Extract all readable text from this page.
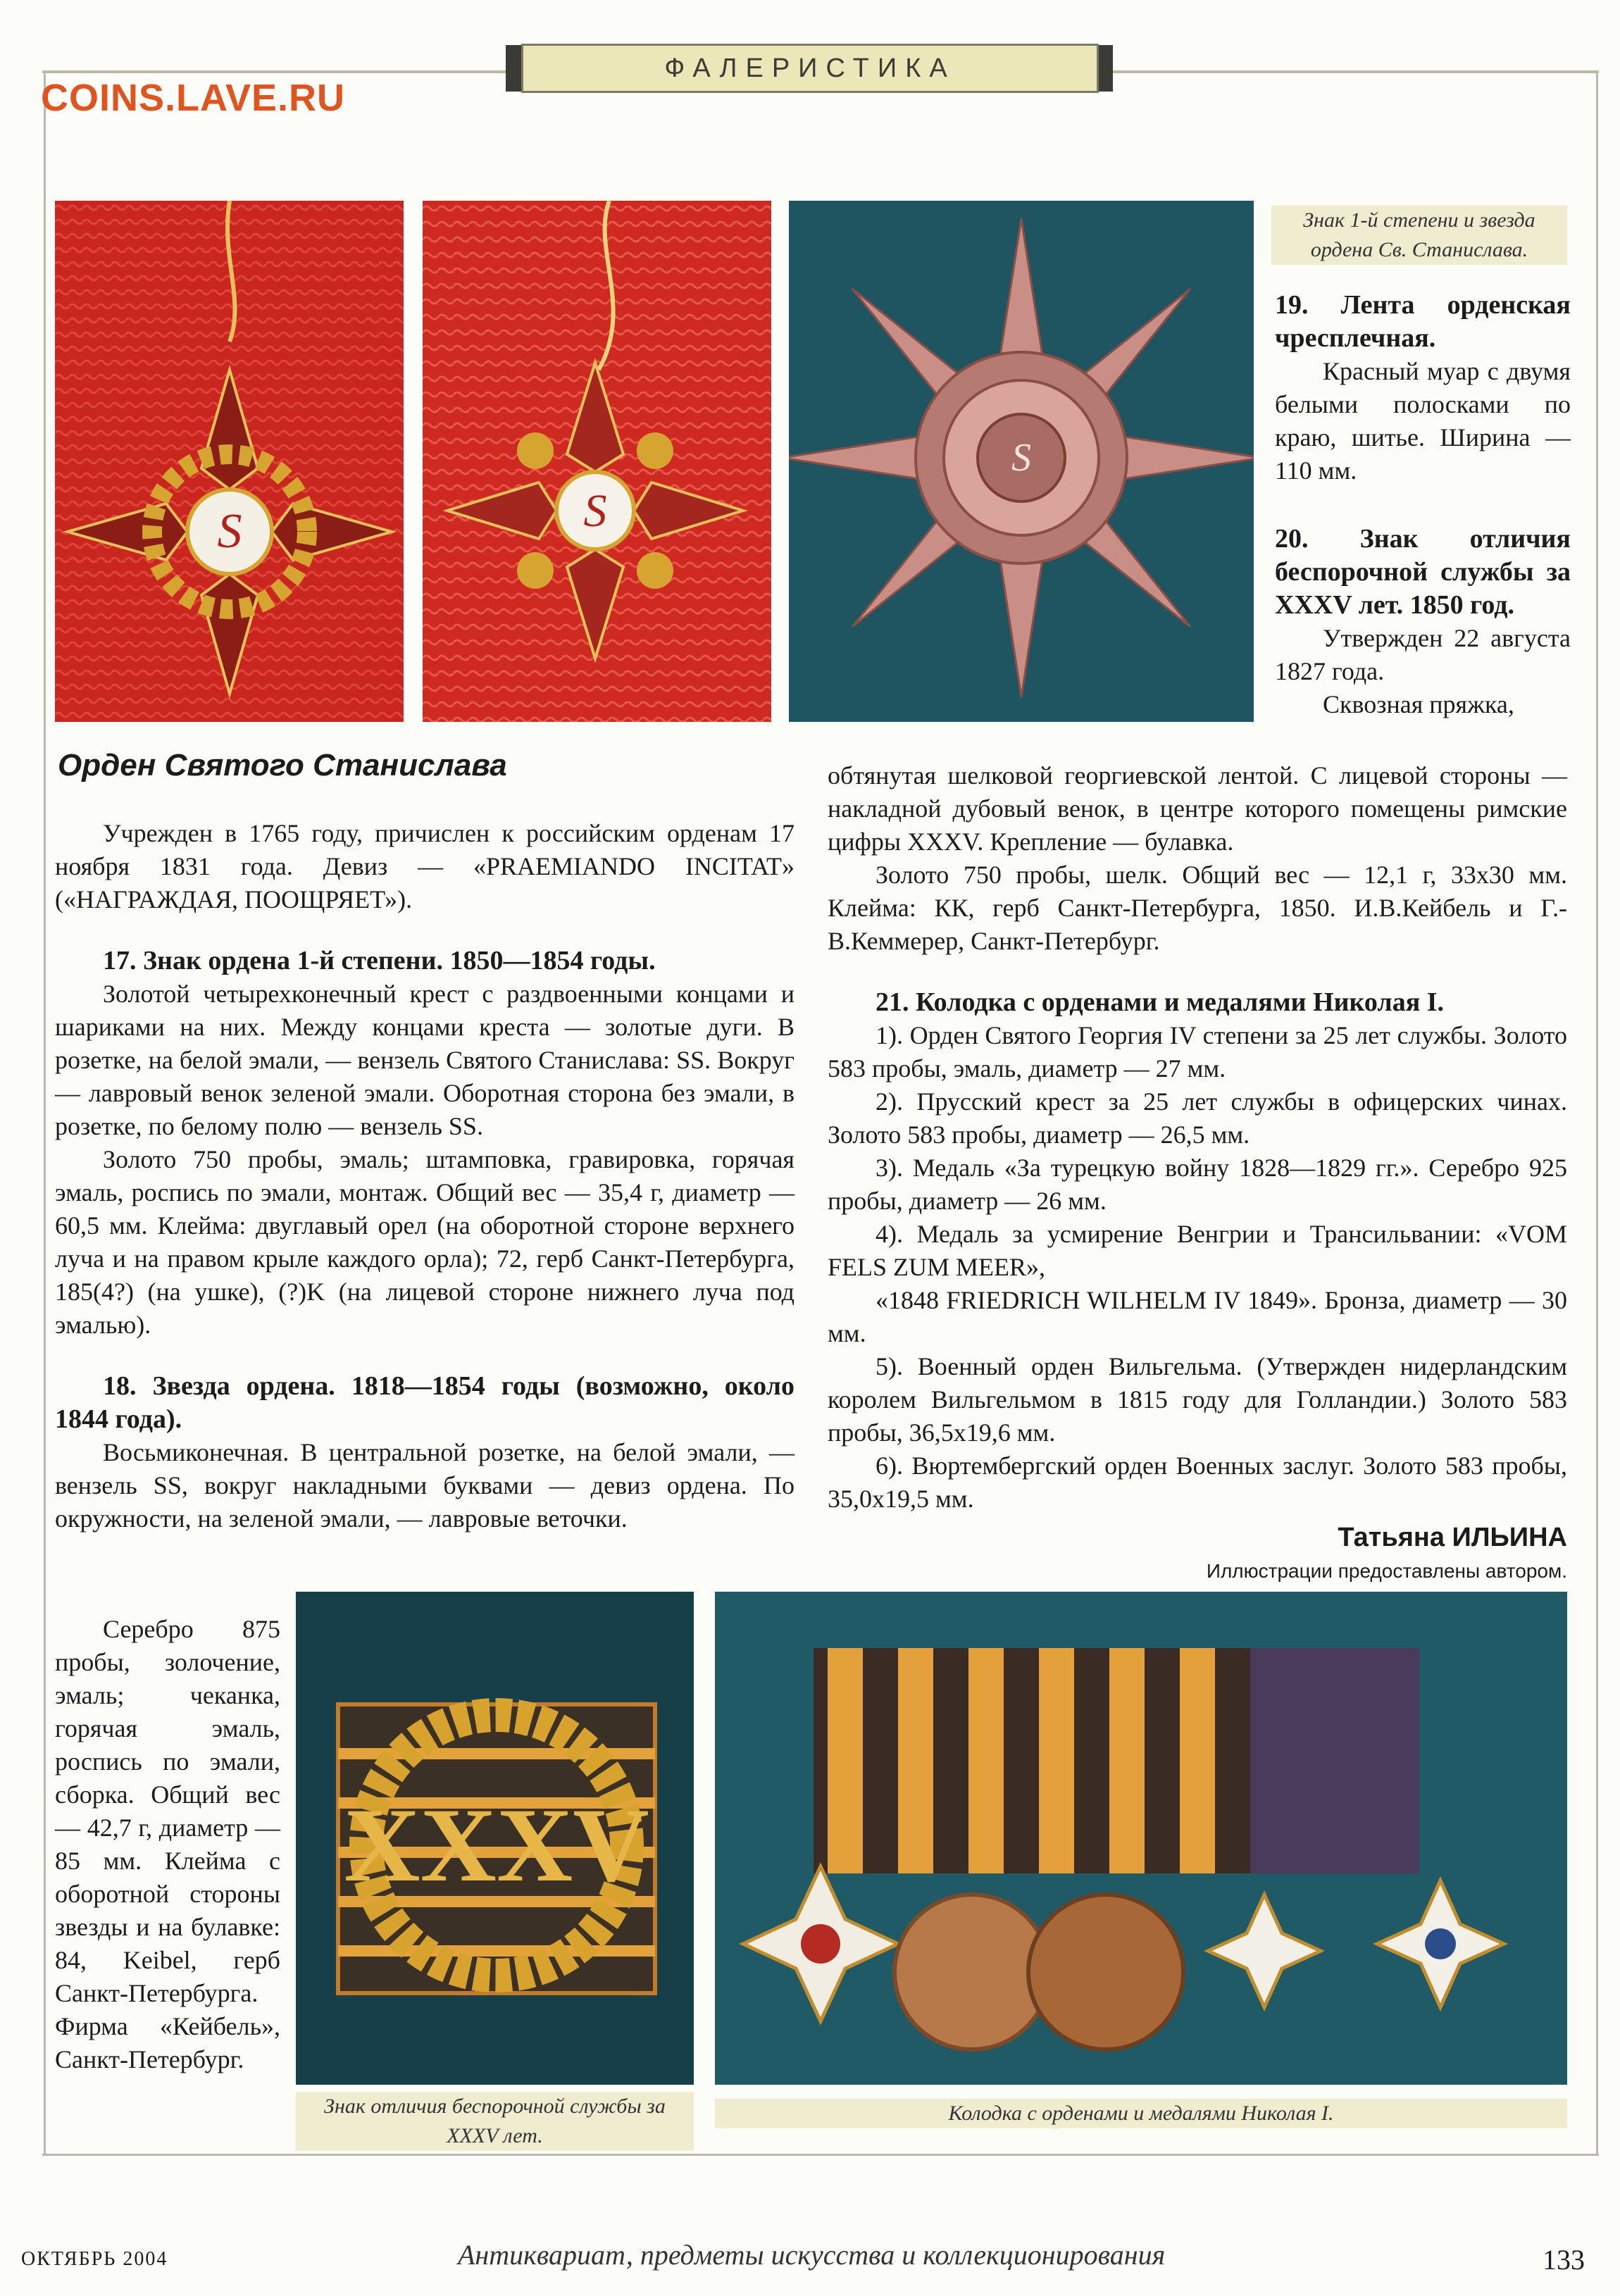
ФАЛЕРИСТИКА
COINS.LAVE.RU
S	S
S
Знак 1-й степени и звезда ордена Св. Станислава.
19. Лента орденская чресплечная.

Красный муар с двумя белыми полосками по краю, шитье. Ширина — 110 мм.

20. Знак отличия беспорочной службы за XXXV лет. 1850 год.

Утвержден 22 августа 1827 года.

Сквозная пряжка,

Орден Святого Станислава

Учрежден в 1765 году, причислен к российским орденам 17 ноября 1831 года. Девиз — «PRAEMIANDO INCITAT» («НАГРАЖДАЯ, ПООЩРЯЕТ»).

17. Знак ордена 1-й степени. 1850—1854 годы.

Золотой четырехконечный крест с раздвоенными концами и шариками на них. Между концами креста — золотые дуги. В розетке, на белой эмали, — вензель Святого Станислава: SS. Вокруг — лавровый венок зеленой эмали. Оборотная сторона без эмали, в розетке, по белому полю — вензель SS.

Золото 750 пробы, эмаль; штамповка, гравировка, горячая эмаль, роспись по эмали, монтаж. Общий вес — 35,4 г, диаметр — 60,5 мм. Клейма: двуглавый орел (на оборотной стороне верхнего луча и на правом крыле каждого орла); 72, герб Санкт-Петербурга, 185(4?) (на ушке), (?)K (на лицевой стороне нижнего луча под эмалью).

18. Звезда ордена. 1818—1854 годы (возможно, около 1844 года).

Восьмиконечная. В центральной розетке, на белой эмали, — вензель SS, вокруг накладными буквами — девиз ордена. По окружности, на зеленой эмали, — лавровые веточки.

Серебро 875 пробы, золочение, эмаль; чеканка, горячая эмаль, роспись по эмали, сборка. Общий вес — 42,7 г, диаметр — 85 мм. Клейма с оборотной стороны звезды и на булавке: 84, Keibel, герб Санкт-Петербурга. Фирма «Кейбель», Санкт-Петербург.

обтянутая шелковой георгиевской лентой. С лицевой стороны — накладной дубовый венок, в центре которого помещены римские цифры XXXV. Крепление — булавка.

Золото 750 пробы, шелк. Общий вес — 12,1 г, 33х30 мм. Клейма: КК, герб Санкт-Петербурга, 1850. И.В.Кейбель и Г.-В.Кеммерер, Санкт-Петербург.

21. Колодка с орденами и медалями Николая I.

1). Орден Святого Георгия IV степени за 25 лет службы. Золото 583 пробы, эмаль, диаметр — 27 мм.

2). Прусский крест за 25 лет службы в офицерских чинах. Золото 583 пробы, диаметр — 26,5 мм.

3). Медаль «За турецкую войну 1828—1829 гг.». Серебро 925 пробы, диаметр — 26 мм.

4). Медаль за усмирение Венгрии и Трансильвании: «VOM FELS ZUM MEER»,

«1848 FRIEDRICH WILHELM IV 1849». Бронза, диаметр — 30 мм.

5). Военный орден Вильгельма. (Утвержден нидерландским королем Вильгельмом в 1815 году для Голландии.) Золото 583 пробы, 36,5х19,6 мм.

6). Вюртембергский орден Военных заслуг. Золото 583 пробы, 35,0х19,5 мм.

Татьяна ИЛЬИНА
Иллюстрации предоставлены автором.
XXXV
Знак отличия беспорочной службы за XXXV лет.
Колодка с орденами и медалями Николая I.
ОКТЯБРЬ 2004	Антиквариат, предметы искусства и коллекционирования	133
